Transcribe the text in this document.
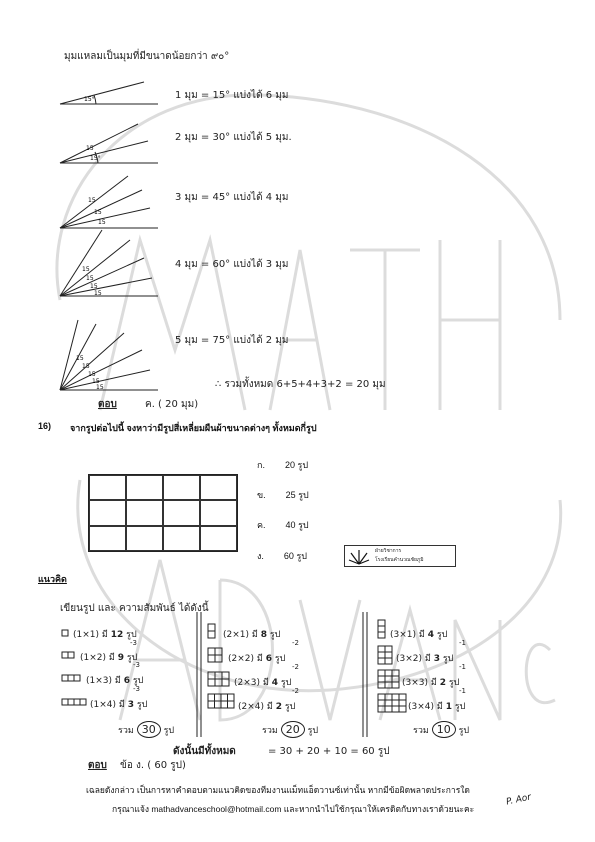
มุมแหลมเป็นมุมที่มีขนาดน้อยกว่า ๙๐°
15°
15
15°
15
15
15
15
15
15
15
15
15
15
15
15
1 มุม = 15° แบ่งได้ 6 มุม
2 มุม = 30° แบ่งได้ 5 มุม.
3 มุม = 45° แบ่งได้ 4 มุม
4 มุม = 60° แบ่งได้ 3 มุม
5 มุม = 75° แบ่งได้ 2 มุม
∴ รวมทั้งหมด 6+5+4+3+2 = 20 มุม
ตอบ	ค. ( 20 มุม)
16) จากรูปต่อไปนี้ จงหาว่ามีรูปสี่เหลี่ยมผืนผ้าขนาดต่างๆ ทั้งหมดกี่รูป
ก. 20 รูป
ข. 25 รูป
ค. 40 รูป
ง. 60 รูป	ฝ่ายวิชาการ
โรงเรียนคำนวณชัยภูมิ
แนวคิด
เขียนรูป และ ความสัมพันธ์ ได้ดังนี้
(1×1) มี 12 รูป
-3
(1×2) มี 9 รูป
-3
(1×3) มี 6 รูป
-3
(1×4) มี 3 รูป
รวม 30 รูป
(2×1) มี 8 รูป
-2
(2×2) มี 6 รูป
-2
(2×3) มี 4 รูป
-2
(2×4) มี 2 รูป
รวม 20 รูป
(3×1) มี 4 รูป
-1
(3×2) มี 3 รูป
-1
(3×3) มี 2 รูป
-1
(3×4) มี 1 รูป
รวม 10 รูป
ดังนั้นมีทั้งหมด	= 30 + 20 + 10 = 60 รูป
ตอบ ข้อ ง. ( 60 รูป)
เฉลยดังกล่าว เป็นการหาคำตอบตามแนวคิดของทีมงานแม็ทแอ็ดวานซ์เท่านั้น หากมีข้อผิดพลาดประการใด
กรุณาแจ้ง mathadvanceschool@hotmail.com และหากนำไปใช้กรุณาให้เครดิตกับทางเราด้วยนะคะ
P. Aor
